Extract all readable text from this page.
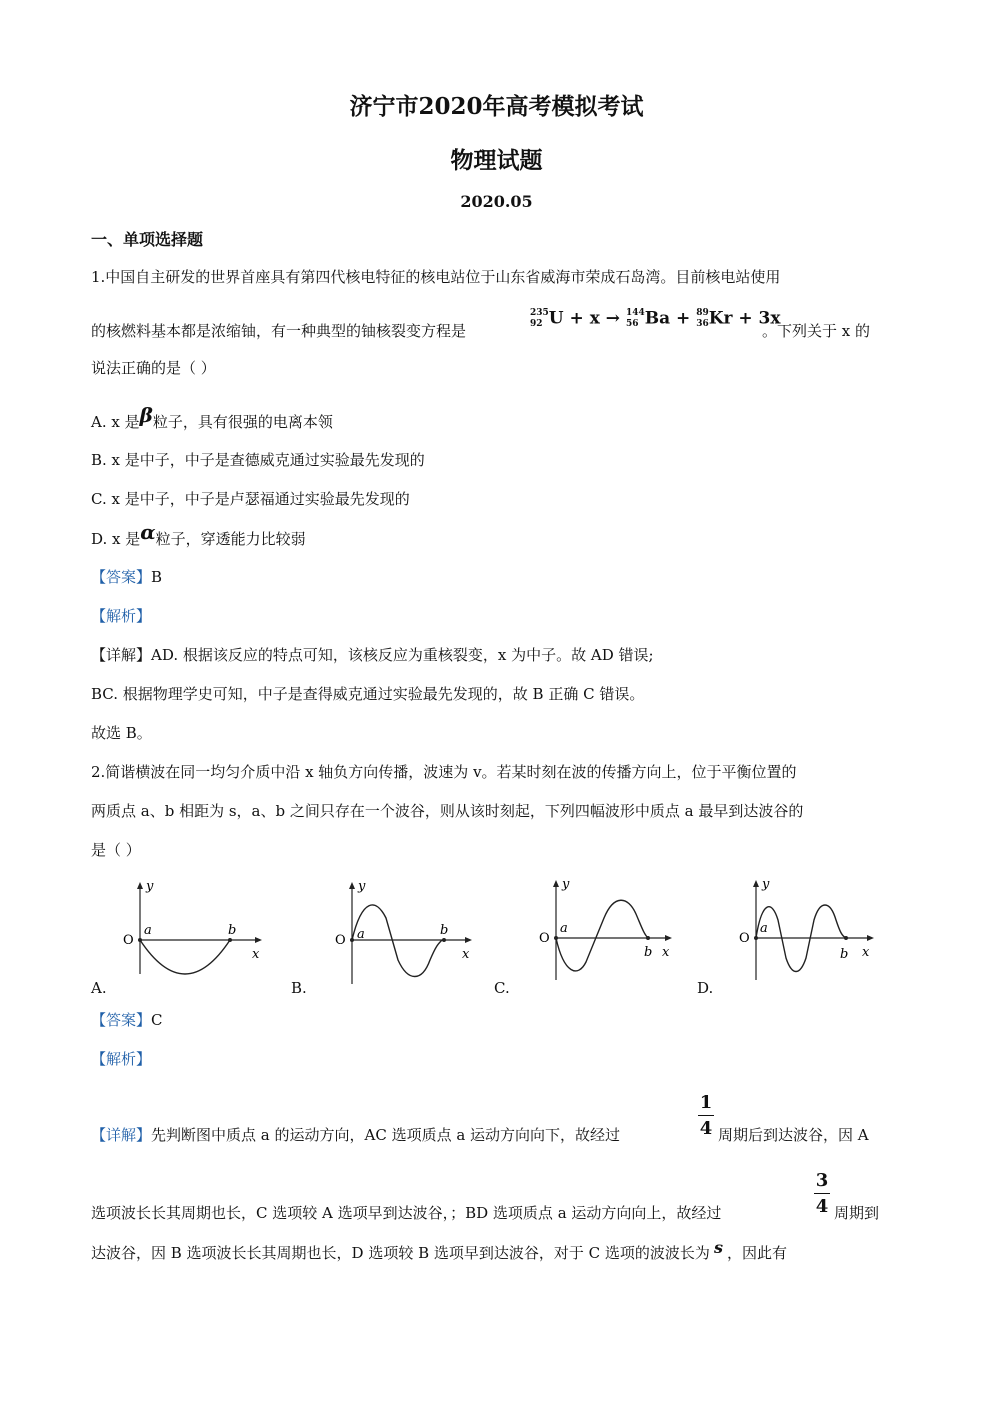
济宁市2020年高考模拟考试
物理试题
2020.05
一、单项选择题
1.中国自主研发的世界首座具有第四代核电特征的核电站位于山东省威海市荣成石岛湾。目前核电站使用
的核燃料基本都是浓缩铀，有一种典型的铀核裂变方程是
235
92 U + x → 144
56 Ba + 89
36 Kr + 3x
。下列关于 x 的
说法正确的是（ ）
A. x 是β粒子，具有很强的电离本领
B. x 是中子，中子是查德威克通过实验最先发现的
C. x 是中子，中子是卢瑟福通过实验最先发现的
D. x 是α粒子，穿透能力比较弱
【答案】B
【解析】
【详解】AD. 根据该反应的特点可知，该核反应为重核裂变，x 为中子。故 AD 错误;
BC. 根据物理学史可知，中子是查得威克通过实验最先发现的，故 B 正确 C 错误。
故选 B。
2.简谐横波在同一均匀介质中沿 x 轴负方向传播，波速为 v。若某时刻在波的传播方向上，位于平衡位置的
两质点 a、b 相距为 s，a、b 之间只存在一个波谷，则从该时刻起，下列四幅波形中质点 a 最早到达波谷的
是（ ）
y
O
a	b
x
A.
y
O a	b
x
B.
y
O
a
b x
C.
y
O
a
b x
D.
【答案】C
【解析】
【详解】先判断图中质点 a 的运动方向，AC 选项质点 a 运动方向向下，故经过
1
4 周期后到达波谷，因 A
选项波长长其周期也长，C 选项较 A 选项早到达波谷，；BD 选项质点 a 运动方向向上，故经过
3
4 周期到
达波谷，因 B 选项波长长其周期也长，D 选项较 B 选项早到达波谷，对于 C 选项的波波长为 s ，因此有
